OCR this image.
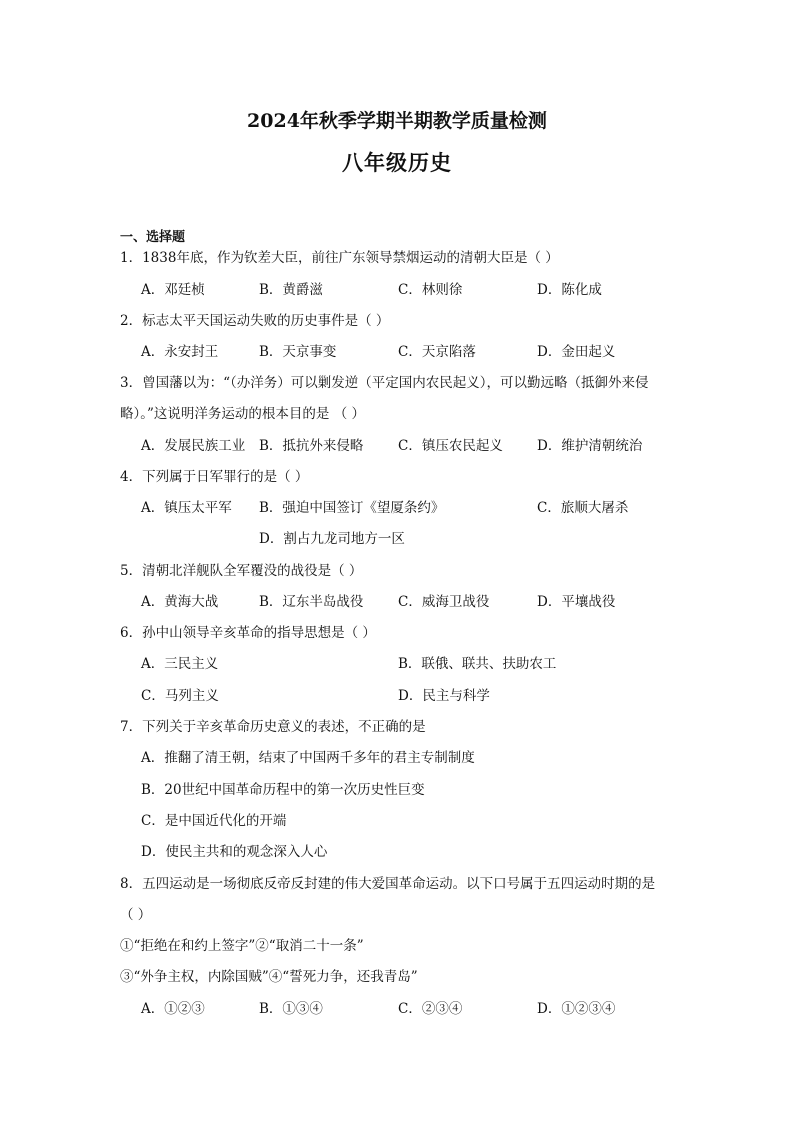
2024年秋季学期半期教学质量检测
八年级历史
一、选择题
1．1838年底，作为钦差大臣，前往广东领导禁烟运动的清朝大臣是（ ）
A．邓廷桢	B．黄爵滋	C．林则徐	D．陈化成
2．标志太平天国运动失败的历史事件是（ ）
A．永安封王	B．天京事变	C．天京陷落	D．金田起义
3．曾国藩以为：“（办洋务）可以剿发逆（平定国内农民起义），可以勤远略（抵御外来侵
略）。”这说明洋务运动的根本目的是 （ ）
A．发展民族工业 B．抵抗外来侵略	C．镇压农民起义	D．维护清朝统治
4．下列属于日军罪行的是（ ）
A．镇压太平军 B．强迫中国签订《望厦条约》	C．旅顺大屠杀
D．割占九龙司地方一区
5．清朝北洋舰队全军覆没的战役是（ ）
A．黄海大战	B．辽东半岛战役	C．威海卫战役	D．平壤战役
6．孙中山领导辛亥革命的指导思想是（ ）
A．三民主义	B．联俄、联共、扶助农工
C．马列主义	D．民主与科学
7．下列关于辛亥革命历史意义的表述，不正确的是
A．推翻了清王朝，结束了中国两千多年的君主专制制度
B．20世纪中国革命历程中的第一次历史性巨变
C．是中国近代化的开端
D．使民主共和的观念深入人心
8．五四运动是一场彻底反帝反封建的伟大爱国革命运动。以下口号属于五四运动时期的是
（ ）
①“拒绝在和约上签字”②“取消二十一条”
③“外争主权，内除国贼”④“誓死力争，还我青岛”
A．①②③	B．①③④	C．②③④	D．①②③④
